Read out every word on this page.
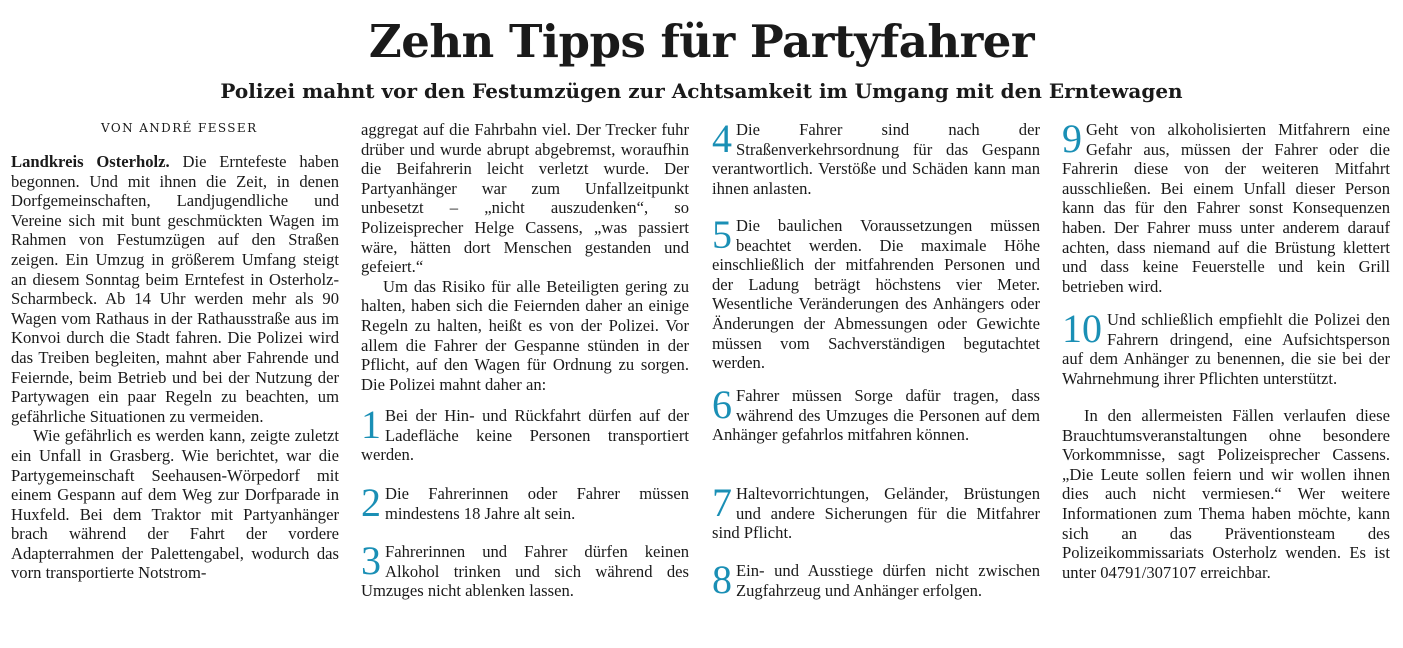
Zehn Tipps für Partyfahrer
Polizei mahnt vor den Festumzügen zur Achtsamkeit im Umgang mit den Erntewagen
VON ANDRÉ FESSER

Landkreis Osterholz. Die Erntefeste haben begonnen. Und mit ihnen die Zeit, in denen Dorfgemeinschaften, Landjugendliche und Vereine sich mit bunt geschmückten Wagen im Rahmen von Festumzügen auf den Straßen zeigen. Ein Umzug in größerem Umfang steigt an diesem Sonntag beim Erntefest in Osterholz-Scharmbeck. Ab 14 Uhr werden mehr als 90 Wagen vom Rathaus in der Rathausstraße aus im Konvoi durch die Stadt fahren. Die Polizei wird das Treiben begleiten, mahnt aber Fahrende und Feiernde, beim Betrieb und bei der Nutzung der Partywagen ein paar Regeln zu beachten, um gefährliche Situationen zu vermeiden.

Wie gefährlich es werden kann, zeigte zuletzt ein Unfall in Grasberg. Wie berichtet, war die Partygemeinschaft Seehausen-Wörpedorf mit einem Gespann auf dem Weg zur Dorfparade in Huxfeld. Bei dem Traktor mit Partyanhänger brach während der Fahrt der vordere Adapterrahmen der Palettengabel, wodurch das vorn transportierte Notstrom-

aggregat auf die Fahrbahn viel. Der Trecker fuhr drüber und wurde abrupt abgebremst, woraufhin die Beifahrerin leicht verletzt wurde. Der Partyanhänger war zum Unfallzeitpunkt unbesetzt – „nicht auszudenken“, so Polizeisprecher Helge Cassens, „was passiert wäre, hätten dort Menschen gestanden und gefeiert.“

Um das Risiko für alle Beteiligten gering zu halten, haben sich die Feiernden daher an einige Regeln zu halten, heißt es von der Polizei. Vor allem die Fahrer der Gespanne stünden in der Pflicht, auf den Wagen für Ordnung zu sorgen. Die Polizei mahnt daher an:

1 Bei der Hin- und Rückfahrt dürfen auf der Ladefläche keine Personen transportiert werden.

2 Die Fahrerinnen oder Fahrer müssen mindestens 18 Jahre alt sein.

3 Fahrerinnen und Fahrer dürfen keinen Alkohol trinken und sich während des Umzuges nicht ablenken lassen.

4 Die Fahrer sind nach der Straßenverkehrsordnung für das Gespann verantwortlich. Verstöße und Schäden kann man ihnen anlasten.

5 Die baulichen Voraussetzungen müssen beachtet werden. Die maximale Höhe einschließlich der mitfahrenden Personen und der Ladung beträgt höchstens vier Meter. Wesentliche Veränderungen des Anhängers oder Änderungen der Abmessungen oder Gewichte müssen vom Sachverständigen begutachtet werden.

6 Fahrer müssen Sorge dafür tragen, dass während des Umzuges die Personen auf dem Anhänger gefahrlos mitfahren können.

7 Haltevorrichtungen, Geländer, Brüstungen und andere Sicherungen für die Mitfahrer sind Pflicht.

8 Ein- und Ausstiege dürfen nicht zwischen Zugfahrzeug und Anhänger erfolgen.

9 Geht von alkoholisierten Mitfahrern eine Gefahr aus, müssen der Fahrer oder die Fahrerin diese von der weiteren Mitfahrt ausschließen. Bei einem Unfall dieser Person kann das für den Fahrer sonst Konsequenzen haben. Der Fahrer muss unter anderem darauf achten, dass niemand auf die Brüstung klettert und dass keine Feuerstelle und kein Grill betrieben wird.

10 Und schließlich empfiehlt die Polizei den Fahrern dringend, eine Aufsichtsperson auf dem Anhänger zu benennen, die sie bei der Wahrnehmung ihrer Pflichten unterstützt.

In den allermeisten Fällen verlaufen diese Brauchtumsveranstaltungen ohne besondere Vorkommnisse, sagt Polizeisprecher Cassens. „Die Leute sollen feiern und wir wollen ihnen dies auch nicht vermiesen.“ Wer weitere Informationen zum Thema haben möchte, kann sich an das Präventionsteam des Polizeikommissariats Osterholz wenden. Es ist unter 04791/307107 erreichbar.
